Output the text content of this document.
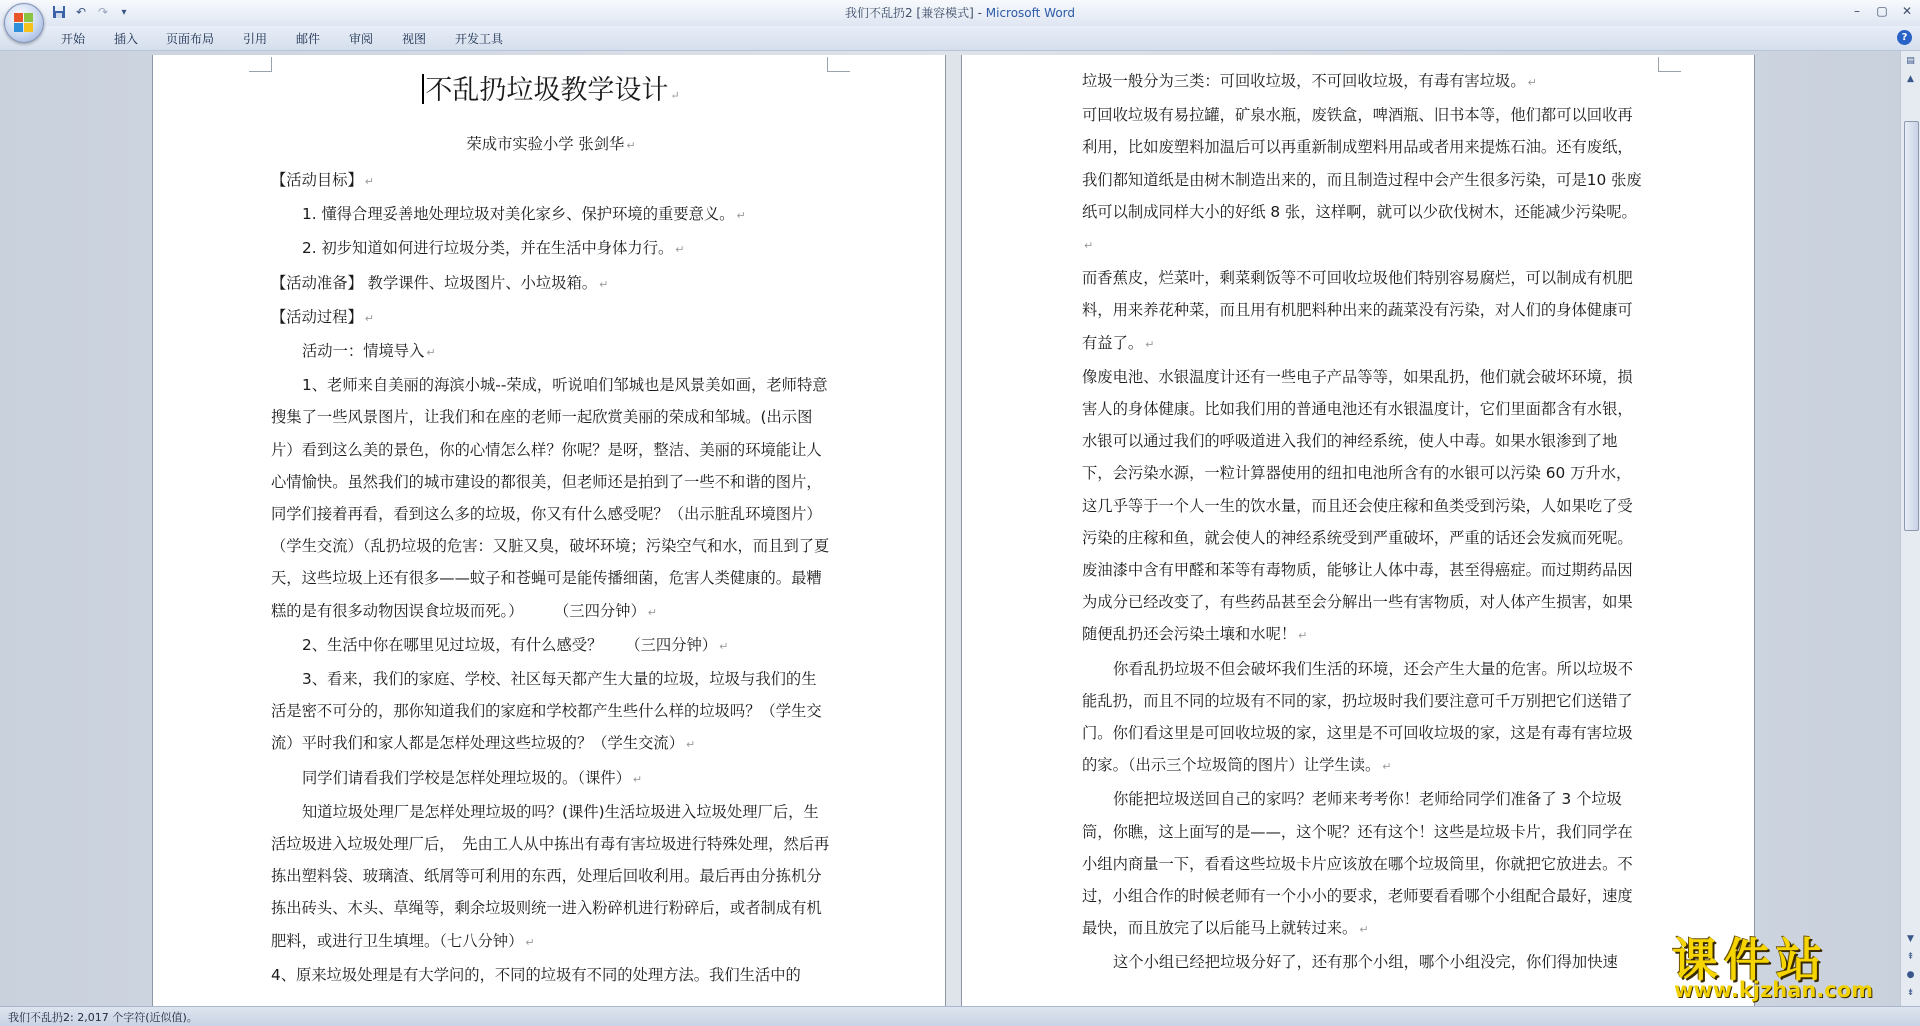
↶ ↷	▾	我们不乱扔2 [兼容模式] - Microsoft Word	–	▢	✕
开始 插入 页面布局 引用 邮件 审阅 视图 开发工具	?
不乱扔垃圾教学设计 ↵

荣成市实验小学 张剑华 ↵

【活动目标】 ↵

1. 懂得合理妥善地处理垃圾对美化家乡、保护环境的重要意义。 ↵

2. 初步知道如何进行垃圾分类，并在生活中身体力行。 ↵

【活动准备】 教学课件、垃圾图片、小垃圾箱。 ↵

【活动过程】 ↵

活动一：情境导入 ↵

1、老师来自美丽的海滨小城--荣成，听说咱们邹城也是风景美如画，老师特意搜集了一些风景图片，让我们和在座的老师一起欣赏美丽的荣成和邹城。(出示图片）看到这么美的景色，你的心情怎么样？你呢？是呀，整洁、美丽的环境能让人心情愉快。虽然我们的城市建设的都很美，但老师还是拍到了一些不和谐的图片，同学们接着再看，看到这么多的垃圾，你又有什么感受呢？（出示脏乱环境图片）（学生交流）（乱扔垃圾的危害：又脏又臭，破坏环境；污染空气和水，而且到了夏天，这些垃圾上还有很多——蚊子和苍蝇可是能传播细菌，危害人类健康的。最糟糕的是有很多动物因误食垃圾而死。）　　　（三四分钟） ↵

2、生活中你在哪里见过垃圾，有什么感受？　　（三四分钟） ↵

3、看来，我们的家庭、学校、社区每天都产生大量的垃圾，垃圾与我们的生活是密不可分的，那你知道我们的家庭和学校都产生些什么样的垃圾吗？（学生交流）平时我们和家人都是怎样处理这些垃圾的？（学生交流） ↵

同学们请看我们学校是怎样处理垃圾的。（课件） ↵

知道垃圾处理厂是怎样处理垃圾的吗？(课件)生活垃圾进入垃圾处理厂后，生活垃圾进入垃圾处理厂后，　先由工人从中拣出有毒有害垃圾进行特殊处理，然后再拣出塑料袋、玻璃渣、纸屑等可利用的东西，处理后回收利用。最后再由分拣机分拣出砖头、木头、草绳等，剩余垃圾则统一进入粉碎机进行粉碎后，或者制成有机肥料，或进行卫生填埋。（七八分钟） ↵

4、原来垃圾处理是有大学问的，不同的垃圾有不同的处理方法。我们生活中的

垃圾一般分为三类：可回收垃圾，不可回收垃圾，有毒有害垃圾。 ↵

可回收垃圾有易拉罐，矿泉水瓶，废铁盒，啤酒瓶、旧书本等，他们都可以回收再利用，比如废塑料加温后可以再重新制成塑料用品或者用来提炼石油。还有废纸，我们都知道纸是由树木制造出来的，而且制造过程中会产生很多污染，可是10 张废纸可以制成同样大小的好纸 8 张，这样啊，就可以少砍伐树木，还能减少污染呢。↵

而香蕉皮，烂菜叶，剩菜剩饭等不可回收垃圾他们特别容易腐烂，可以制成有机肥料，用来养花种菜，而且用有机肥料种出来的蔬菜没有污染，对人们的身体健康可有益了。 ↵

像废电池、水银温度计还有一些电子产品等等，如果乱扔，他们就会破坏环境，损害人的身体健康。比如我们用的普通电池还有水银温度计，它们里面都含有水银，水银可以通过我们的呼吸道进入我们的神经系统，使人中毒。如果水银渗到了地下，会污染水源，一粒计算器使用的纽扣电池所含有的水银可以污染 60 万升水，这几乎等于一个人一生的饮水量，而且还会使庄稼和鱼类受到污染，人如果吃了受污染的庄稼和鱼，就会使人的神经系统受到严重破坏，严重的话还会发疯而死呢。废油漆中含有甲醛和苯等有毒物质，能够让人体中毒，甚至得癌症。而过期药品因为成分已经改变了，有些药品甚至会分解出一些有害物质，对人体产生损害，如果随便乱扔还会污染土壤和水呢！ ↵

你看乱扔垃圾不但会破坏我们生活的环境，还会产生大量的危害。所以垃圾不能乱扔，而且不同的垃圾有不同的家，扔垃圾时我们要注意可千万别把它们送错了门。你们看这里是可回收垃圾的家，这里是不可回收垃圾的家，这是有毒有害垃圾的家。（出示三个垃圾筒的图片）让学生读。 ↵

你能把垃圾送回自己的家吗？老师来考考你！老师给同学们准备了 3 个垃圾筒，你瞧，这上面写的是——，这个呢？还有这个！这些是垃圾卡片，我们同学在小组内商量一下，看看这些垃圾卡片应该放在哪个垃圾筒里，你就把它放进去。不过，小组合作的时候老师有一个小小的要求，老师要看看哪个小组配合最好，速度最快，而且放完了以后能马上就转过来。 ↵

这个小组已经把垃圾分好了，还有那个小组，哪个小组没完，你们得加快速

▤
▲
▼
⇞
●
⇟
我们不乱扔2: 2,017 个字符(近似值)。
课件站
www.kjzhan.com
